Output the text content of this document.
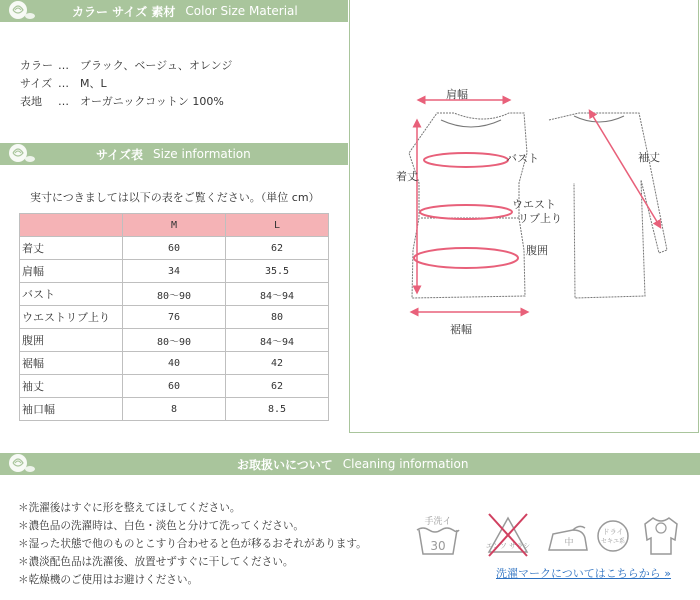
カラー サイズ 素材 Color Size Material
カラー …	ブラック、ベージュ、オレンジ
サイズ …	M、L
表地	…	オーガニックコットン 100%
サイズ表 Size information
実寸につきましては以下の表をご覧ください。（単位 cm）
	M	L
着丈	60	62
肩幅	34	35.5
バスト	80〜90	84〜94
ウエストリブ上り	76	80
腹囲	80〜90	84〜94
裾幅	40	42
袖丈	60	62
袖口幅	8	8.5
肩幅
着丈
バスト
ウエスト
リブ上り
腹囲
裾幅
袖丈
お取扱いについて Cleaning information
＊洗濯後はすぐに形を整えてほしてください。
＊濃色品の洗濯時は、白色・淡色と分けて洗ってください。
＊湿った状態で他のものとこすり合わせると色が移るおそれがあります。
＊濃淡配色品は洗濯後、放置せずすぐに干してください。
＊乾燥機のご使用はお避けください。
手洗イ
30	エンソ サラシ	中
ドライ
セキユ系
洗濯マークについてはこちらから »
